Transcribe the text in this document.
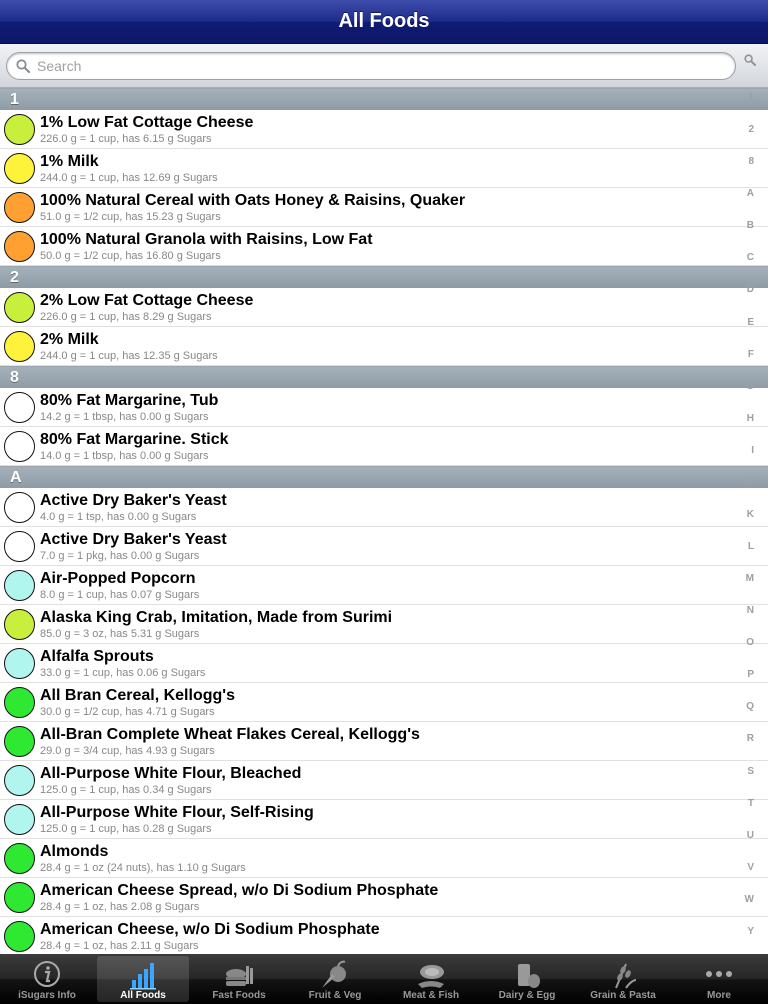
All Foods
Search
1
1% Low Fat Cottage Cheese
226.0 g = 1 cup, has 6.15 g Sugars
1% Milk
244.0 g = 1 cup, has 12.69 g Sugars
100% Natural Cereal with Oats Honey & Raisins, Quaker
51.0 g = 1/2 cup, has 15.23 g Sugars
100% Natural Granola with Raisins, Low Fat
50.0 g = 1/2 cup, has 16.80 g Sugars
2
2% Low Fat Cottage Cheese
226.0 g = 1 cup, has 8.29 g Sugars
2% Milk
244.0 g = 1 cup, has 12.35 g Sugars
8
80% Fat Margarine, Tub
14.2 g = 1 tbsp, has 0.00 g Sugars
80% Fat Margarine. Stick
14.0 g = 1 tbsp, has 0.00 g Sugars
A
Active Dry Baker's Yeast
4.0 g = 1 tsp, has 0.00 g Sugars
Active Dry Baker's Yeast
7.0 g = 1 pkg, has 0.00 g Sugars
Air-Popped Popcorn
8.0 g = 1 cup, has 0.07 g Sugars
Alaska King Crab, Imitation, Made from Surimi
85.0 g = 3 oz, has 5.31 g Sugars
Alfalfa Sprouts
33.0 g = 1 cup, has 0.06 g Sugars
All Bran Cereal, Kellogg's
30.0 g = 1/2 cup, has 4.71 g Sugars
All-Bran Complete Wheat Flakes Cereal, Kellogg's
29.0 g = 3/4 cup, has 4.93 g Sugars
All-Purpose White Flour, Bleached
125.0 g = 1 cup, has 0.34 g Sugars
All-Purpose White Flour, Self-Rising
125.0 g = 1 cup, has 0.28 g Sugars
Almonds
28.4 g = 1 oz (24 nuts), has 1.10 g Sugars
American Cheese Spread, w/o Di Sodium Phosphate
28.4 g = 1 oz, has 2.08 g Sugars
American Cheese, w/o Di Sodium Phosphate
28.4 g = 1 oz, has 2.11 g Sugars
1
2
8
A
B
C
D
E
F
G
H
I
J
K
L
M
N
O
P
Q
R
S
T
U
V
W
Y
iSugars Info	All Foods	Fast Foods	Fruit & Veg	Meat & Fish	Dairy & Egg	Grain & Pasta	More
